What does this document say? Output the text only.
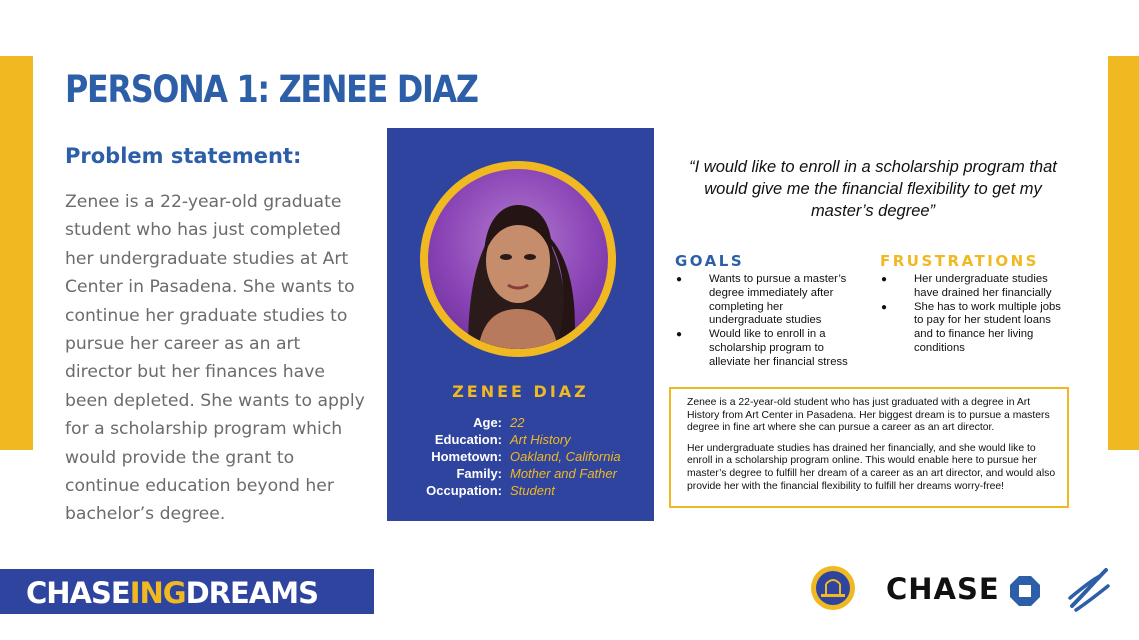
PERSONA 1: ZENEE DIAZ
Problem statement:
Zenee is a 22-year-old graduate student who has just completed her undergraduate studies at Art Center in Pasadena. She wants to continue her graduate studies to pursue her career as an art director but her finances have been depleted. She wants to apply for a scholarship program which would provide the grant to continue education beyond her bachelor’s degree.
ZENEE DIAZ
Age: 22
Education: Art History
Hometown: Oakland, California
Family: Mother and Father
Occupation: Student
“I would like to enroll in a scholarship program that would give me the financial flexibility to get my master’s degree”
GOALS
● Wants to pursue a master’s degree immediately after completing her undergraduate studies
● Would like to enroll in a scholarship program to alleviate her financial stress
FRUSTRATIONS
● Her undergraduate studies have drained her financially
● She has to work multiple jobs to pay for her student loans and to finance her living conditions

Zenee is a 22-year-old student who has just graduated with a degree in Art History from Art Center in Pasadena. Her biggest dream is to pursue a masters degree in fine art where she can pursue a career as an art director.

Her undergraduate studies has drained her financially, and she would like to enroll in a scholarship program online. This would enable here to pursue her master’s degree to fulfill her dream of a career as an art director, and would also provide her with the financial flexibility to fulfill her dreams worry-free!

CHASEINGDREAMS	CHASE
